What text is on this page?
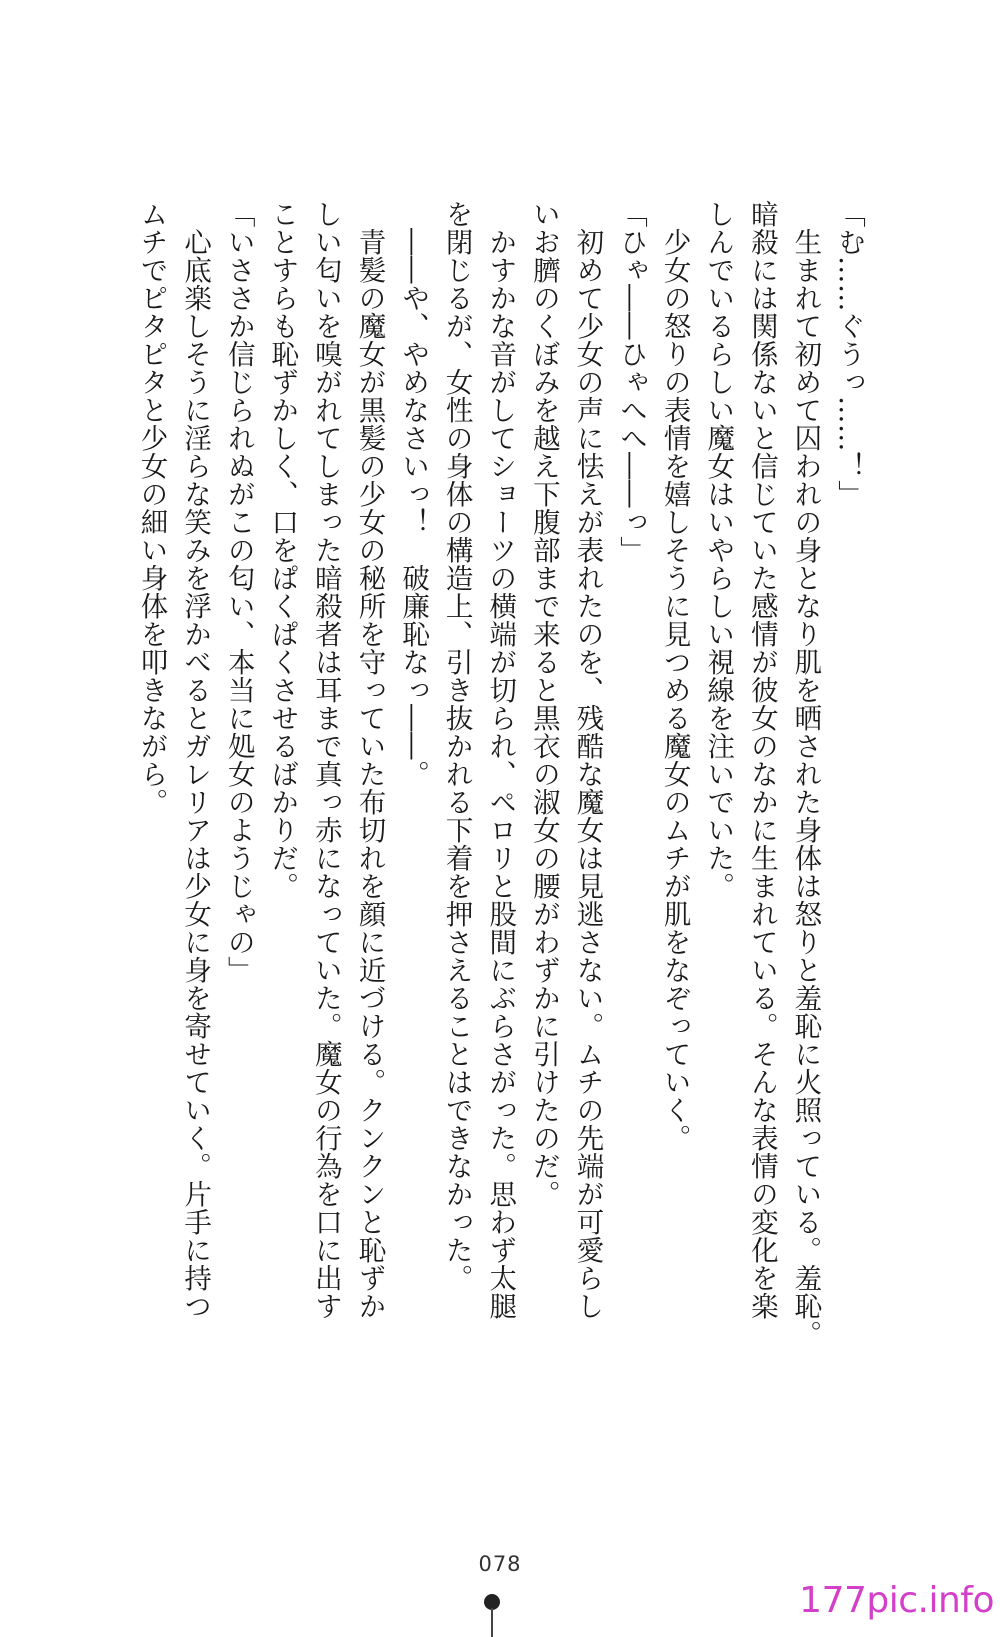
「む……ぐうっ……！」
　生まれて初めて囚われの身となり肌を晒された身体は怒りと羞恥に火照っている。羞恥。
暗殺には関係ないと信じていた感情が彼女のなかに生まれている。そんな表情の変化を楽
しんでいるらしい魔女はいやらしい視線を注いでいた。
　少女の怒りの表情を嬉しそうに見つめる魔女のムチが肌をなぞっていく。
「ひゃ――ひゃへへ――っ」
　初めて少女の声に怯えが表れたのを、残酷な魔女は見逃さない。ムチの先端が可愛らし
いお臍のくぼみを越え下腹部まで来ると黒衣の淑女の腰がわずかに引けたのだ。
　かすかな音がしてショーツの横端が切られ、ペロリと股間にぶらさがった。思わず太腿
を閉じるが、女性の身体の構造上、引き抜かれる下着を押さえることはできなかった。
　――や、やめなさいっ！　破廉恥なっ――。
　青髪の魔女が黒髪の少女の秘所を守っていた布切れを顔に近づける。クンクンと恥ずか
しい匂いを嗅がれてしまった暗殺者は耳まで真っ赤になっていた。魔女の行為を口に出す
ことすらも恥ずかしく、口をぱくぱくさせるばかりだ。
「いささか信じられぬがこの匂い、本当に処女のようじゃの」
　心底楽しそうに淫らな笑みを浮かべるとガレリアは少女に身を寄せていく。片手に持つ
ムチでピタピタと少女の細い身体を叩きながら。
078
177pic.info
